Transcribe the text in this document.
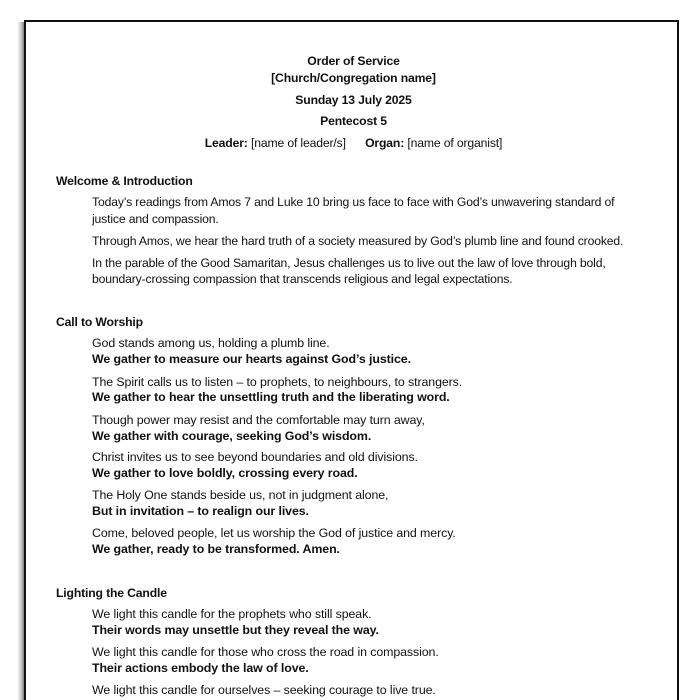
Order of Service
[Church/Congregation name]
Sunday 13 July 2025
Pentecost 5
Leader: [name of leader/s] Organ: [name of organist]
Welcome & Introduction
Today’s readings from Amos 7 and Luke 10 bring us face to face with God’s unwavering standard of
justice and compassion.
Through Amos, we hear the hard truth of a society measured by God’s plumb line and found crooked.
In the parable of the Good Samaritan, Jesus challenges us to live out the law of love through bold,
boundary-crossing compassion that transcends religious and legal expectations.
Call to Worship
God stands among us, holding a plumb line.
We gather to measure our hearts against God’s justice.
The Spirit calls us to listen – to prophets, to neighbours, to strangers.
We gather to hear the unsettling truth and the liberating word.
Though power may resist and the comfortable may turn away,
We gather with courage, seeking God’s wisdom.
Christ invites us to see beyond boundaries and old divisions.
We gather to love boldly, crossing every road.
The Holy One stands beside us, not in judgment alone,
But in invitation – to realign our lives.
Come, beloved people, let us worship the God of justice and mercy.
We gather, ready to be transformed. Amen.
Lighting the Candle
We light this candle for the prophets who still speak.
Their words may unsettle but they reveal the way.
We light this candle for those who cross the road in compassion.
Their actions embody the law of love.
We light this candle for ourselves – seeking courage to live true.
